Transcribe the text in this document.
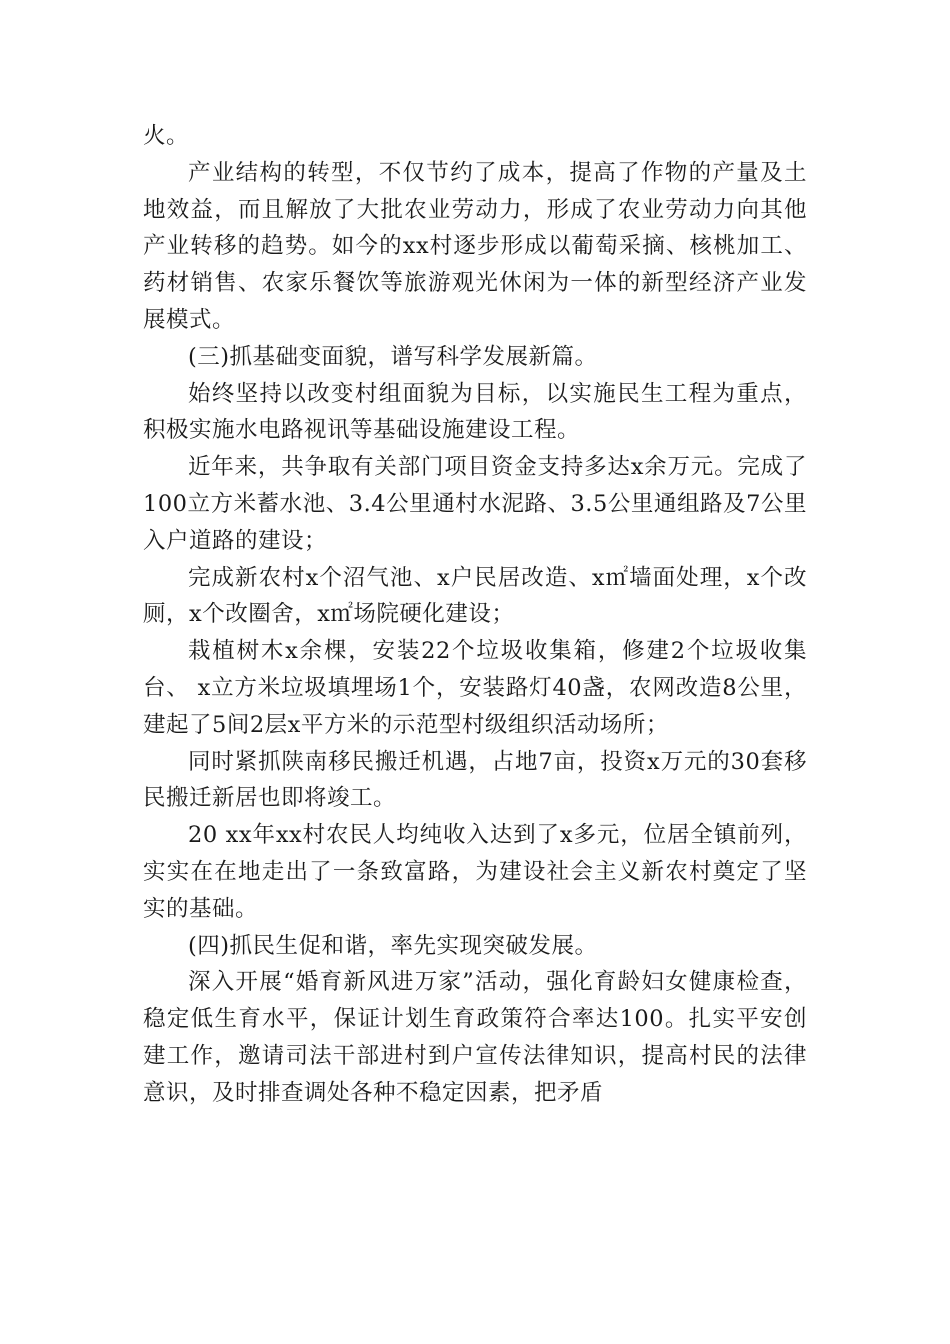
火。

产业结构的转型，不仅节约了成本，提高了作物的产量及土地效益，而且解放了大批农业劳动力，形成了农业劳动力向其他产业转移的趋势。如今的xx村逐步形成以葡萄采摘、核桃加工、药材销售、农家乐餐饮等旅游观光休闲为一体的新型经济产业发展模式。

(三)抓基础变面貌，谱写科学发展新篇。

始终坚持以改变村组面貌为目标，以实施民生工程为重点，积极实施水电路视讯等基础设施建设工程。

近年来，共争取有关部门项目资金支持多达x余万元。完成了100立方米蓄水池、3.4公里通村水泥路、3.5公里通组路及7公里入户道路的建设；

完成新农村x个沼气池、x户民居改造、x㎡墙面处理，x个改厕，x个改圈舍，x㎡场院硬化建设；

栽植树木x余棵，安装22个垃圾收集箱，修建2个垃圾收集台、 x立方米垃圾填埋场1个，安装路灯40盏，农网改造8公里，建起了5间2层x平方米的示范型村级组织活动场所；

同时紧抓陕南移民搬迁机遇，占地7亩，投资x万元的30套移民搬迁新居也即将竣工。

20 xx年xx村农民人均纯收入达到了x多元，位居全镇前列，实实在在地走出了一条致富路，为建设社会主义新农村奠定了坚实的基础。

(四)抓民生促和谐，率先实现突破发展。

深入开展“婚育新风进万家”活动，强化育龄妇女健康检查，稳定低生育水平，保证计划生育政策符合率达100。扎实平安创建工作，邀请司法干部进村到户宣传法律知识，提高村民的法律意识，及时排查调处各种不稳定因素，把矛盾
